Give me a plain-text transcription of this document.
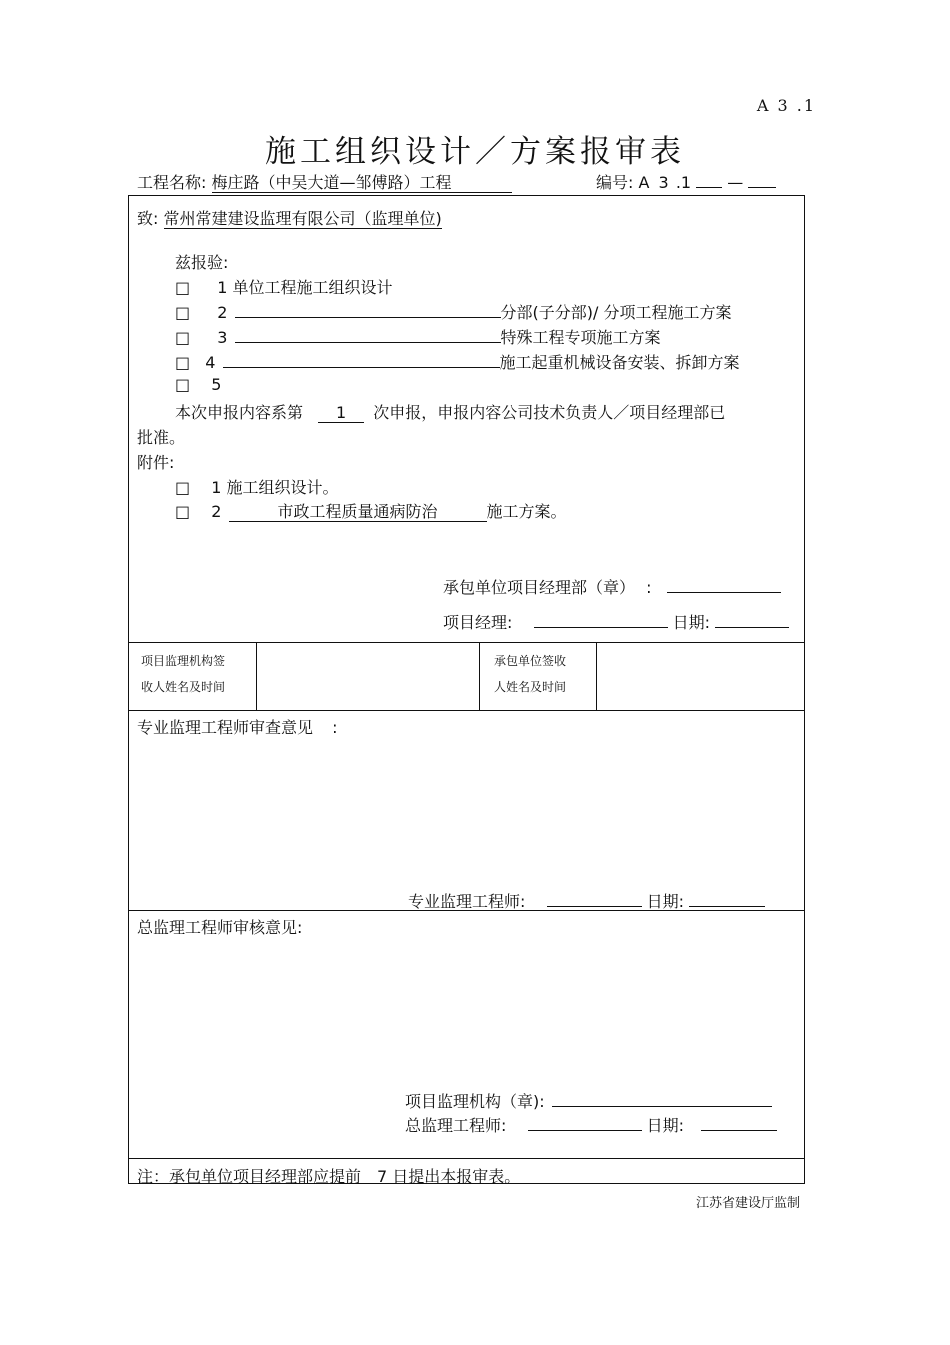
A 3 .1
施工组织设计／方案报审表
工程名称: 梅庄路（中吴大道—邹傅路）工程	编号: A 3 .1 —
致: 常州常建建设监理有限公司（监理单位)
兹报验:
□ 1 单位工程施工组织设计
□ 2	分部(子分部)/ 分项工程施工方案
□ 3	特殊工程专项施工方案
□ 4	施工起重机械设备安装、拆卸方案
□ 5
本次申报内容系第 1 次申报，申报内容公司技术负责人／项目经理部已
批准。
附件:
□ 1 施工组织设计。
□ 2	市政工程质量通病防治	施工方案。
承包单位项目经理部（章） :
项目经理:	日期:
项目监理机构签
收人姓名及时间
承包单位签收
人姓名及时间
专业监理工程师审查意见 :
专业监理工程师:	日期:
总监理工程师审核意见:
项目监理机构（章):
总监理工程师:	日期:
注：承包单位项目经理部应提前　7 日提出本报审表。
江苏省建设厅监制
